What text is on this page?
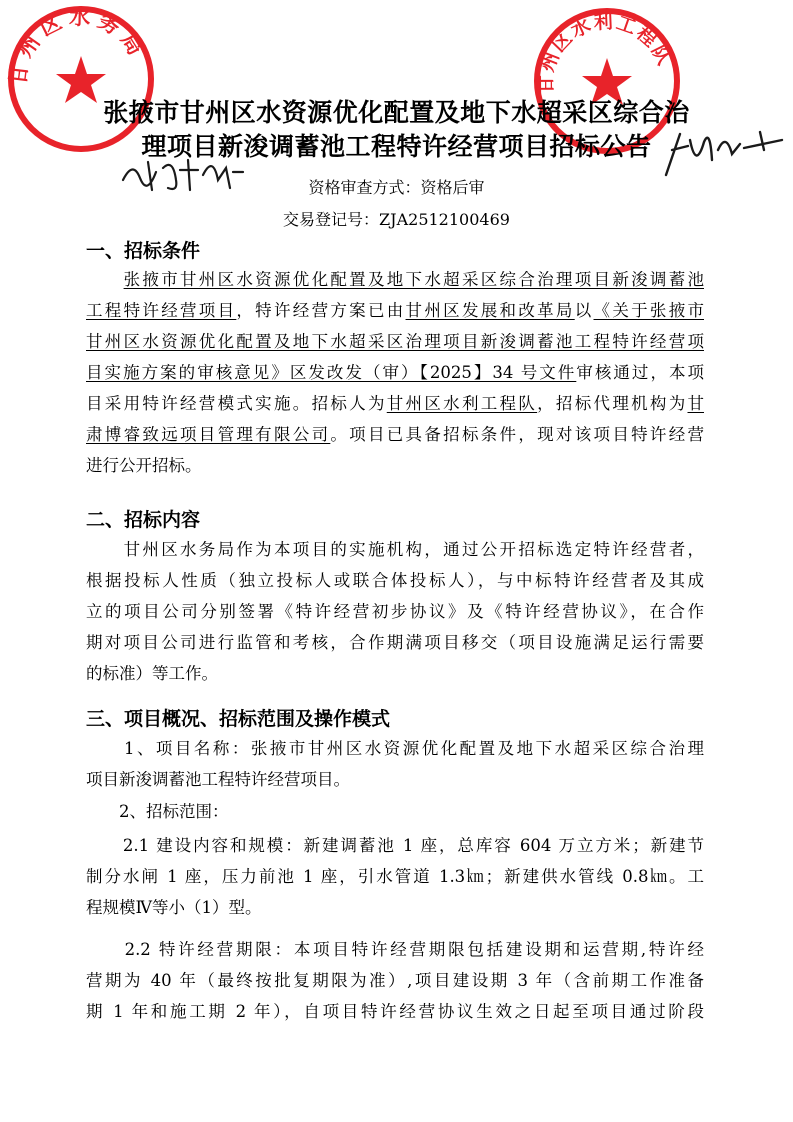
甘州区水务局
甘州区水利工程队
张掖市甘州区水资源优化配置及地下水超采区综合治
理项目新浚调蓄池工程特许经营项目招标公告
资格审查方式：资格后审
交易登记号：ZJA2512100469
一、招标条件
　　张掖市甘州区水资源优化配置及地下水超采区综合治理项目新浚调蓄池
工程特许经营项目，特许经营方案已由甘州区发展和改革局以《关于张掖市
甘州区水资源优化配置及地下水超采区治理项目新浚调蓄池工程特许经营项
目实施方案的审核意见》区发改发（审）【2025】34 号文件审核通过，本项
目采用特许经营模式实施。招标人为甘州区水利工程队，招标代理机构为甘
肃博睿致远项目管理有限公司。项目已具备招标条件，现对该项目特许经营
进行公开招标。
二、招标内容
　　甘州区水务局作为本项目的实施机构，通过公开招标选定特许经营者，
根据投标人性质（独立投标人或联合体投标人），与中标特许经营者及其成
立的项目公司分别签署《特许经营初步协议》及《特许经营协议》，在合作
期对项目公司进行监管和考核，合作期满项目移交（项目设施满足运行需要
的标准）等工作。
三、项目概况、招标范围及操作模式
　　1、项目名称：张掖市甘州区水资源优化配置及地下水超采区综合治理
项目新浚调蓄池工程特许经营项目。
　　2、招标范围：
　　2.1 建设内容和规模：新建调蓄池 1 座，总库容 604 万立方米；新建节
制分水闸 1 座，压力前池 1 座，引水管道 1.3㎞；新建供水管线 0.8㎞。工
程规模Ⅳ等小（1）型。
　　2.2 特许经营期限：本项目特许经营期限包括建设期和运营期,特许经
营期为 40 年（最终按批复期限为准）,项目建设期 3 年（含前期工作准备
期 1 年和施工期 2 年），自项目特许经营协议生效之日起至项目通过阶段
